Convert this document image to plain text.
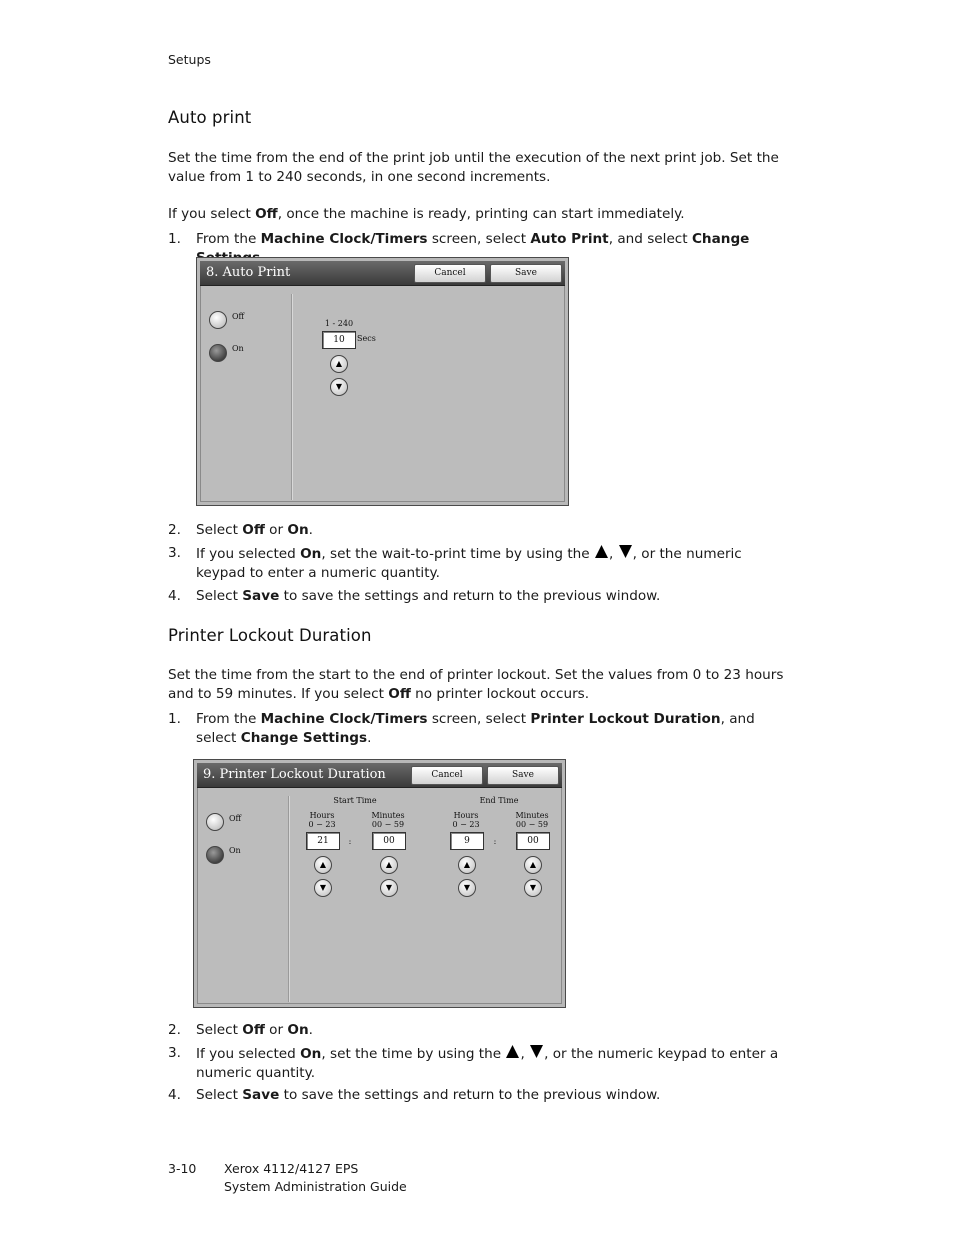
Setups
Auto print

Set the time from the end of the print job until the execution of the next print job. Set the value from 1 to 240 seconds, in one second increments.

If you select Off, once the machine is ready, printing can start immediately.

1.	From the Machine Clock/Timers screen, select Auto Print, and select Change
8. Auto Print	Cancel	Save
Off
On
1 - 240
10	Secs
▲
▼
2.	Select Off or On.
3.	If you selected On, set the wait-to-print time by using the , , or the numeric keypad to enter a numeric quantity.
4.	Select Save to save the settings and return to the previous window.
Printer Lockout Duration

Set the time from the start to the end of printer lockout. Set the values from 0 to 23 hours and to 59 minutes. If you select Off no printer lockout occurs.

1.	From the Machine Clock/Timers screen, select Printer Lockout Duration, and select Change Settings.
9. Printer Lockout Duration	Cancel	Save
Off
On
Start Time	End Time
Hours
0 − 23
21	:
▲
▼
Minutes
00 − 59
00
▲
▼
Hours
0 − 23
9	:
▲
▼
Minutes
00 − 59
00
▲
▼
2.	Select Off or On.
3.	If you selected On, set the time by using the , , or the numeric keypad to enter a numeric quantity.
4.	Select Save to save the settings and return to the previous window.
3-10 Xerox 4112/4127 EPS
System Administration Guide
